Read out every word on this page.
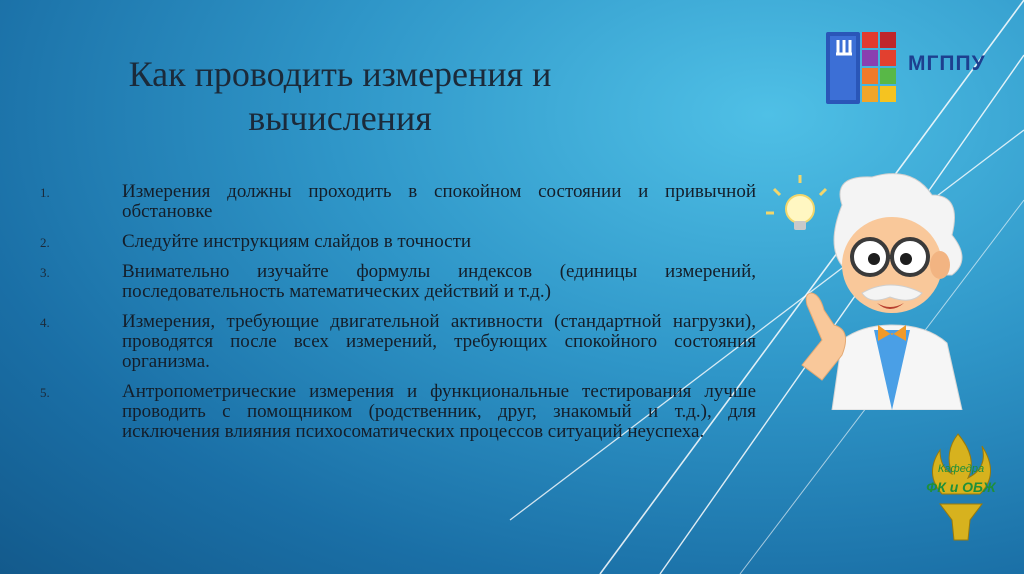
Как проводить измерения и вычисления
МГППУ
1.	Измерения должны проходить в спокойном состоянии и привычной обстановке
2.	Следуйте инструкциям слайдов в точности
3.	Внимательно изучайте формулы индексов (единицы измерений, последовательность математических действий и т.д.)
4.	Измерения, требующие двигательной активности (стандартной нагрузки), проводятся после всех измерений, требующих спокойного состояния организма.
5.	Антропометрические измерения и функциональные тестирования лучше проводить с помощником (родственник, друг, знакомый и т.д.), для исключения влияния психосоматических процессов ситуаций неуспеха.
Кафедра
ФК и ОБЖ
